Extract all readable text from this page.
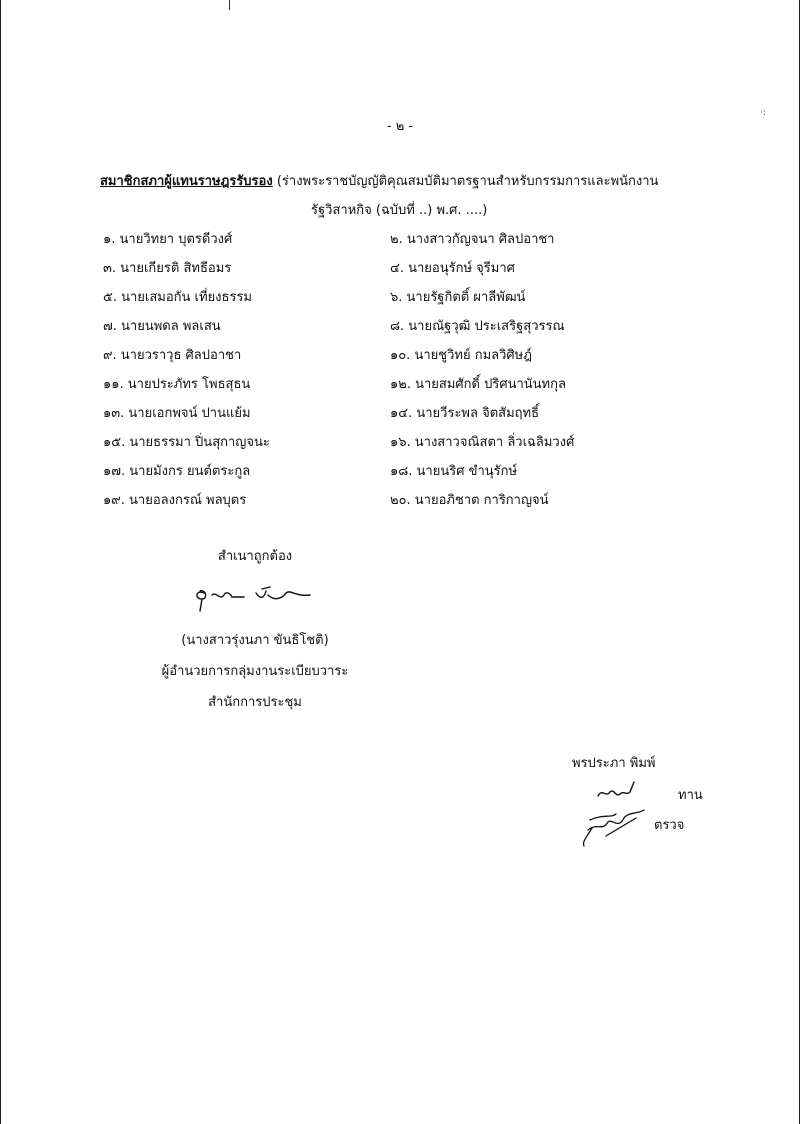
·:
- ๒ -
สมาชิกสภาผู้แทนราษฎรรับรอง (ร่างพระราชบัญญัติคุณสมบัติมาตรฐานสำหรับกรรมการและพนักงาน
รัฐวิสาหกิจ (ฉบับที่ ..) พ.ศ. ....)
๑. นายวิทยา บุตรดีวงศ์	๒. นางสาวกัญจนา ศิลปอาชา
๓. นายเกียรติ สิทธีอมร	๔. นายอนุรักษ์ จุรีมาศ
๕. นายเสมอกัน เที่ยงธรรม	๖. นายรัฐกิตติ์ ผาลีพัฒน์
๗. นายนพดล พลเสน	๘. นายณัฐวุฒิ ประเสริฐสุวรรณ
๙. นายวราวุธ ศิลปอาชา	๑๐. นายชูวิทย์ กมลวิศิษฎ์
๑๑. นายประภัทร โพธสุธน	๑๒. นายสมศักดิ์ ปริศนานันทกุล
๑๓. นายเอกพจน์ ปานแย้ม	๑๔. นายวีระพล จิตสัมฤทธิ์
๑๕. นายธรรมา ปิ่นสุกาญจนะ	๑๖. นางสาวจณิสตา ลิ่วเฉลิมวงศ์
๑๗. นายมังกร ยนต์ตระกูล	๑๘. นายนริศ ขำนุรักษ์
๑๙. นายอลงกรณ์ พลบุตร	๒๐. นายอภิชาต การิกาญจน์
สำเนาถูกต้อง
(นางสาวรุ่งนภา ขันธิโชติ)
ผู้อำนวยการกลุ่มงานระเบียบวาระ
สำนักการประชุม
พรประภา พิมพ์
ทาน
ตรวจ
